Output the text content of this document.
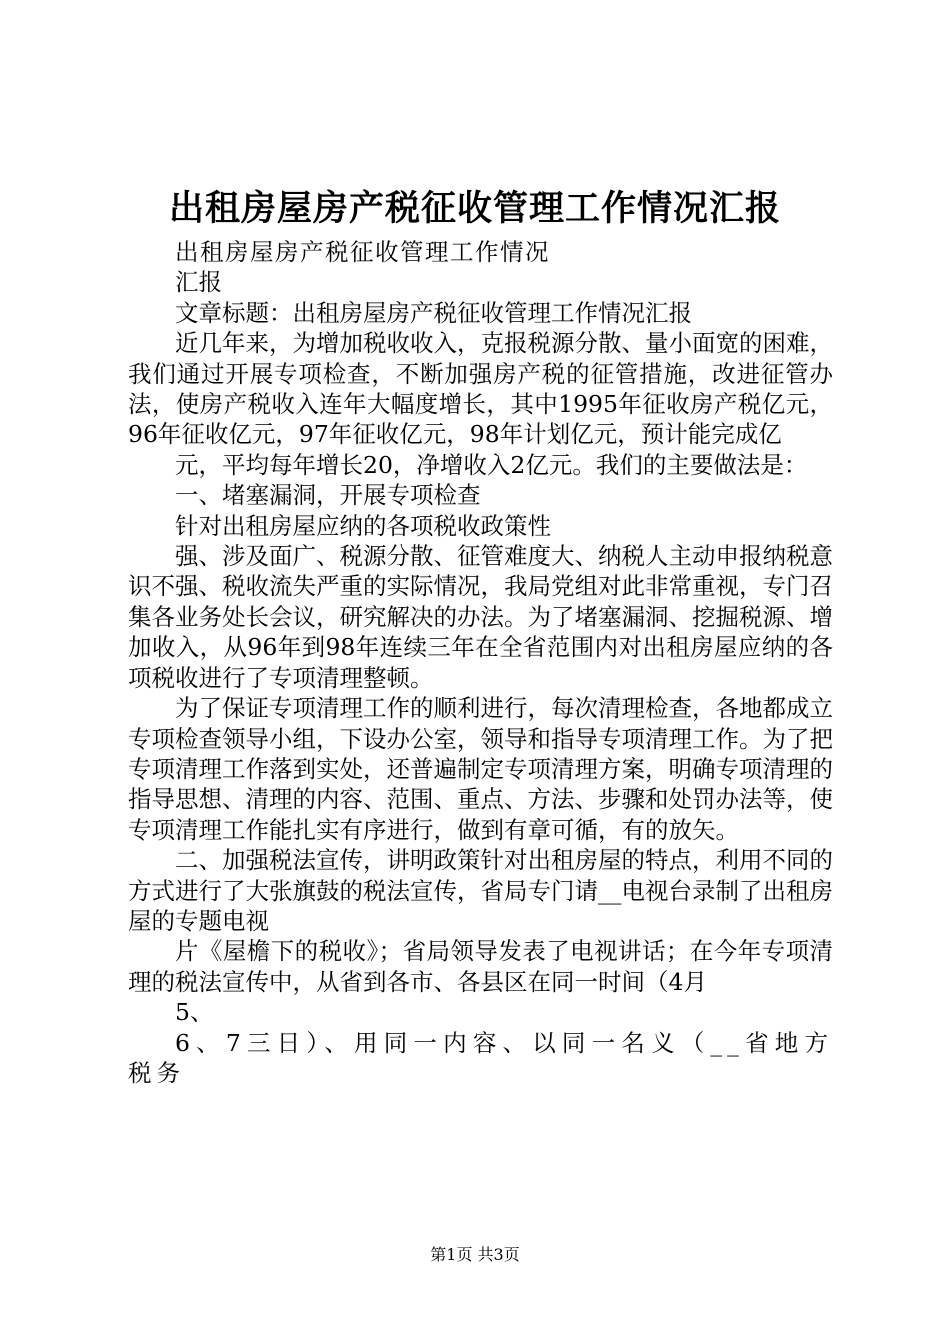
出租房屋房产税征收管理工作情况汇报

出租房屋房产税征收管理工作情况

汇报

文章标题：出租房屋房产税征收管理工作情况汇报

近几年来，为增加税收收入，克报税源分散、量小面宽的困难，我们通过开展专项检查，不断加强房产税的征管措施，改进征管办法，使房产税收入连年大幅度增长，其中1995年征收房产税亿元，96年征收亿元，97年征收亿元，98年计划亿元，预计能完成亿

元，平均每年增长20，净增收入2亿元。我们的主要做法是：

一、堵塞漏洞，开展专项检查

针对出租房屋应纳的各项税收政策性

强、涉及面广、税源分散、征管难度大、纳税人主动申报纳税意识不强、税收流失严重的实际情况，我局党组对此非常重视，专门召集各业务处长会议，研究解决的办法。为了堵塞漏洞、挖掘税源、增加收入，从96年到98年连续三年在全省范围内对出租房屋应纳的各项税收进行了专项清理整顿。

为了保证专项清理工作的顺利进行，每次清理检查，各地都成立专项检查领导小组，下设办公室，领导和指导专项清理工作。为了把专项清理工作落到实处，还普遍制定专项清理方案，明确专项清理的指导思想、清理的内容、范围、重点、方法、步骤和处罚办法等，使专项清理工作能扎实有序进行，做到有章可循，有的放矢。

二、加强税法宣传，讲明政策针对出租房屋的特点，利用不同的方式进行了大张旗鼓的税法宣传，省局专门请__电视台录制了出租房屋的专题电视

片《屋檐下的税收》；省局领导发表了电视讲话；在今年专项清理的税法宣传中，从省到各市、各县区在同一时间（4月

5、

6、7三日）、用同一内容、以同一名义（__省地方税务

第1页 共3页
